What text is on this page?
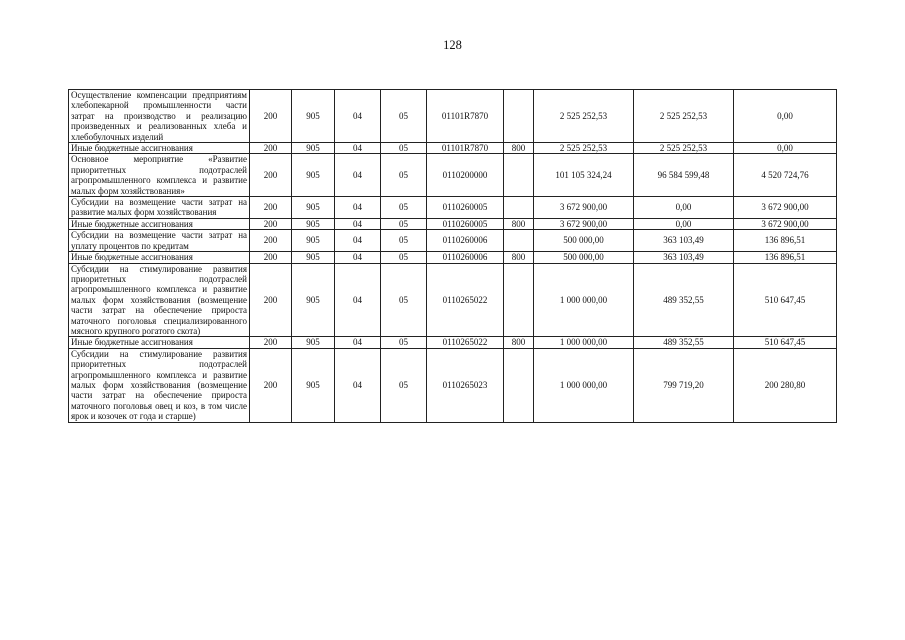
128
Осуществление компенсации предприятиям хлебопекарной промышленности части затрат на производство и реализацию произведенных и реализованных хлеба и хлебобулочных изделий	200	905	04	05	01101R7870		2 525 252,53	2 525 252,53	0,00
Иные бюджетные ассигнования	200	905	04	05	01101R7870	800	2 525 252,53	2 525 252,53	0,00
Основное мероприятие «Развитие приоритетных подотраслей агропромышленного комплекса и развитие малых форм хозяйствования»	200	905	04	05	0110200000		101 105 324,24	96 584 599,48	4 520 724,76
Субсидии на возмещение части затрат на развитие малых форм хозяйствования	200	905	04	05	0110260005		3 672 900,00	0,00	3 672 900,00
Иные бюджетные ассигнования	200	905	04	05	0110260005	800	3 672 900,00	0,00	3 672 900,00
Субсидии на возмещение части затрат на уплату процентов по кредитам	200	905	04	05	0110260006		500 000,00	363 103,49	136 896,51
Иные бюджетные ассигнования	200	905	04	05	0110260006	800	500 000,00	363 103,49	136 896,51
Субсидии на стимулирование развития приоритетных подотраслей агропромышленного комплекса и развитие малых форм хозяйствования (возмещение части затрат на обеспечение прироста маточного поголовья специализированного мясного крупного рогатого скота)	200	905	04	05	0110265022		1 000 000,00	489 352,55	510 647,45
Иные бюджетные ассигнования	200	905	04	05	0110265022	800	1 000 000,00	489 352,55	510 647,45
Субсидии на стимулирование развития приоритетных подотраслей агропромышленного комплекса и развитие малых форм хозяйствования (возмещение части затрат на обеспечение прироста маточного поголовья овец и коз, в том числе ярок и козочек от года и старше)	200	905	04	05	0110265023		1 000 000,00	799 719,20	200 280,80
